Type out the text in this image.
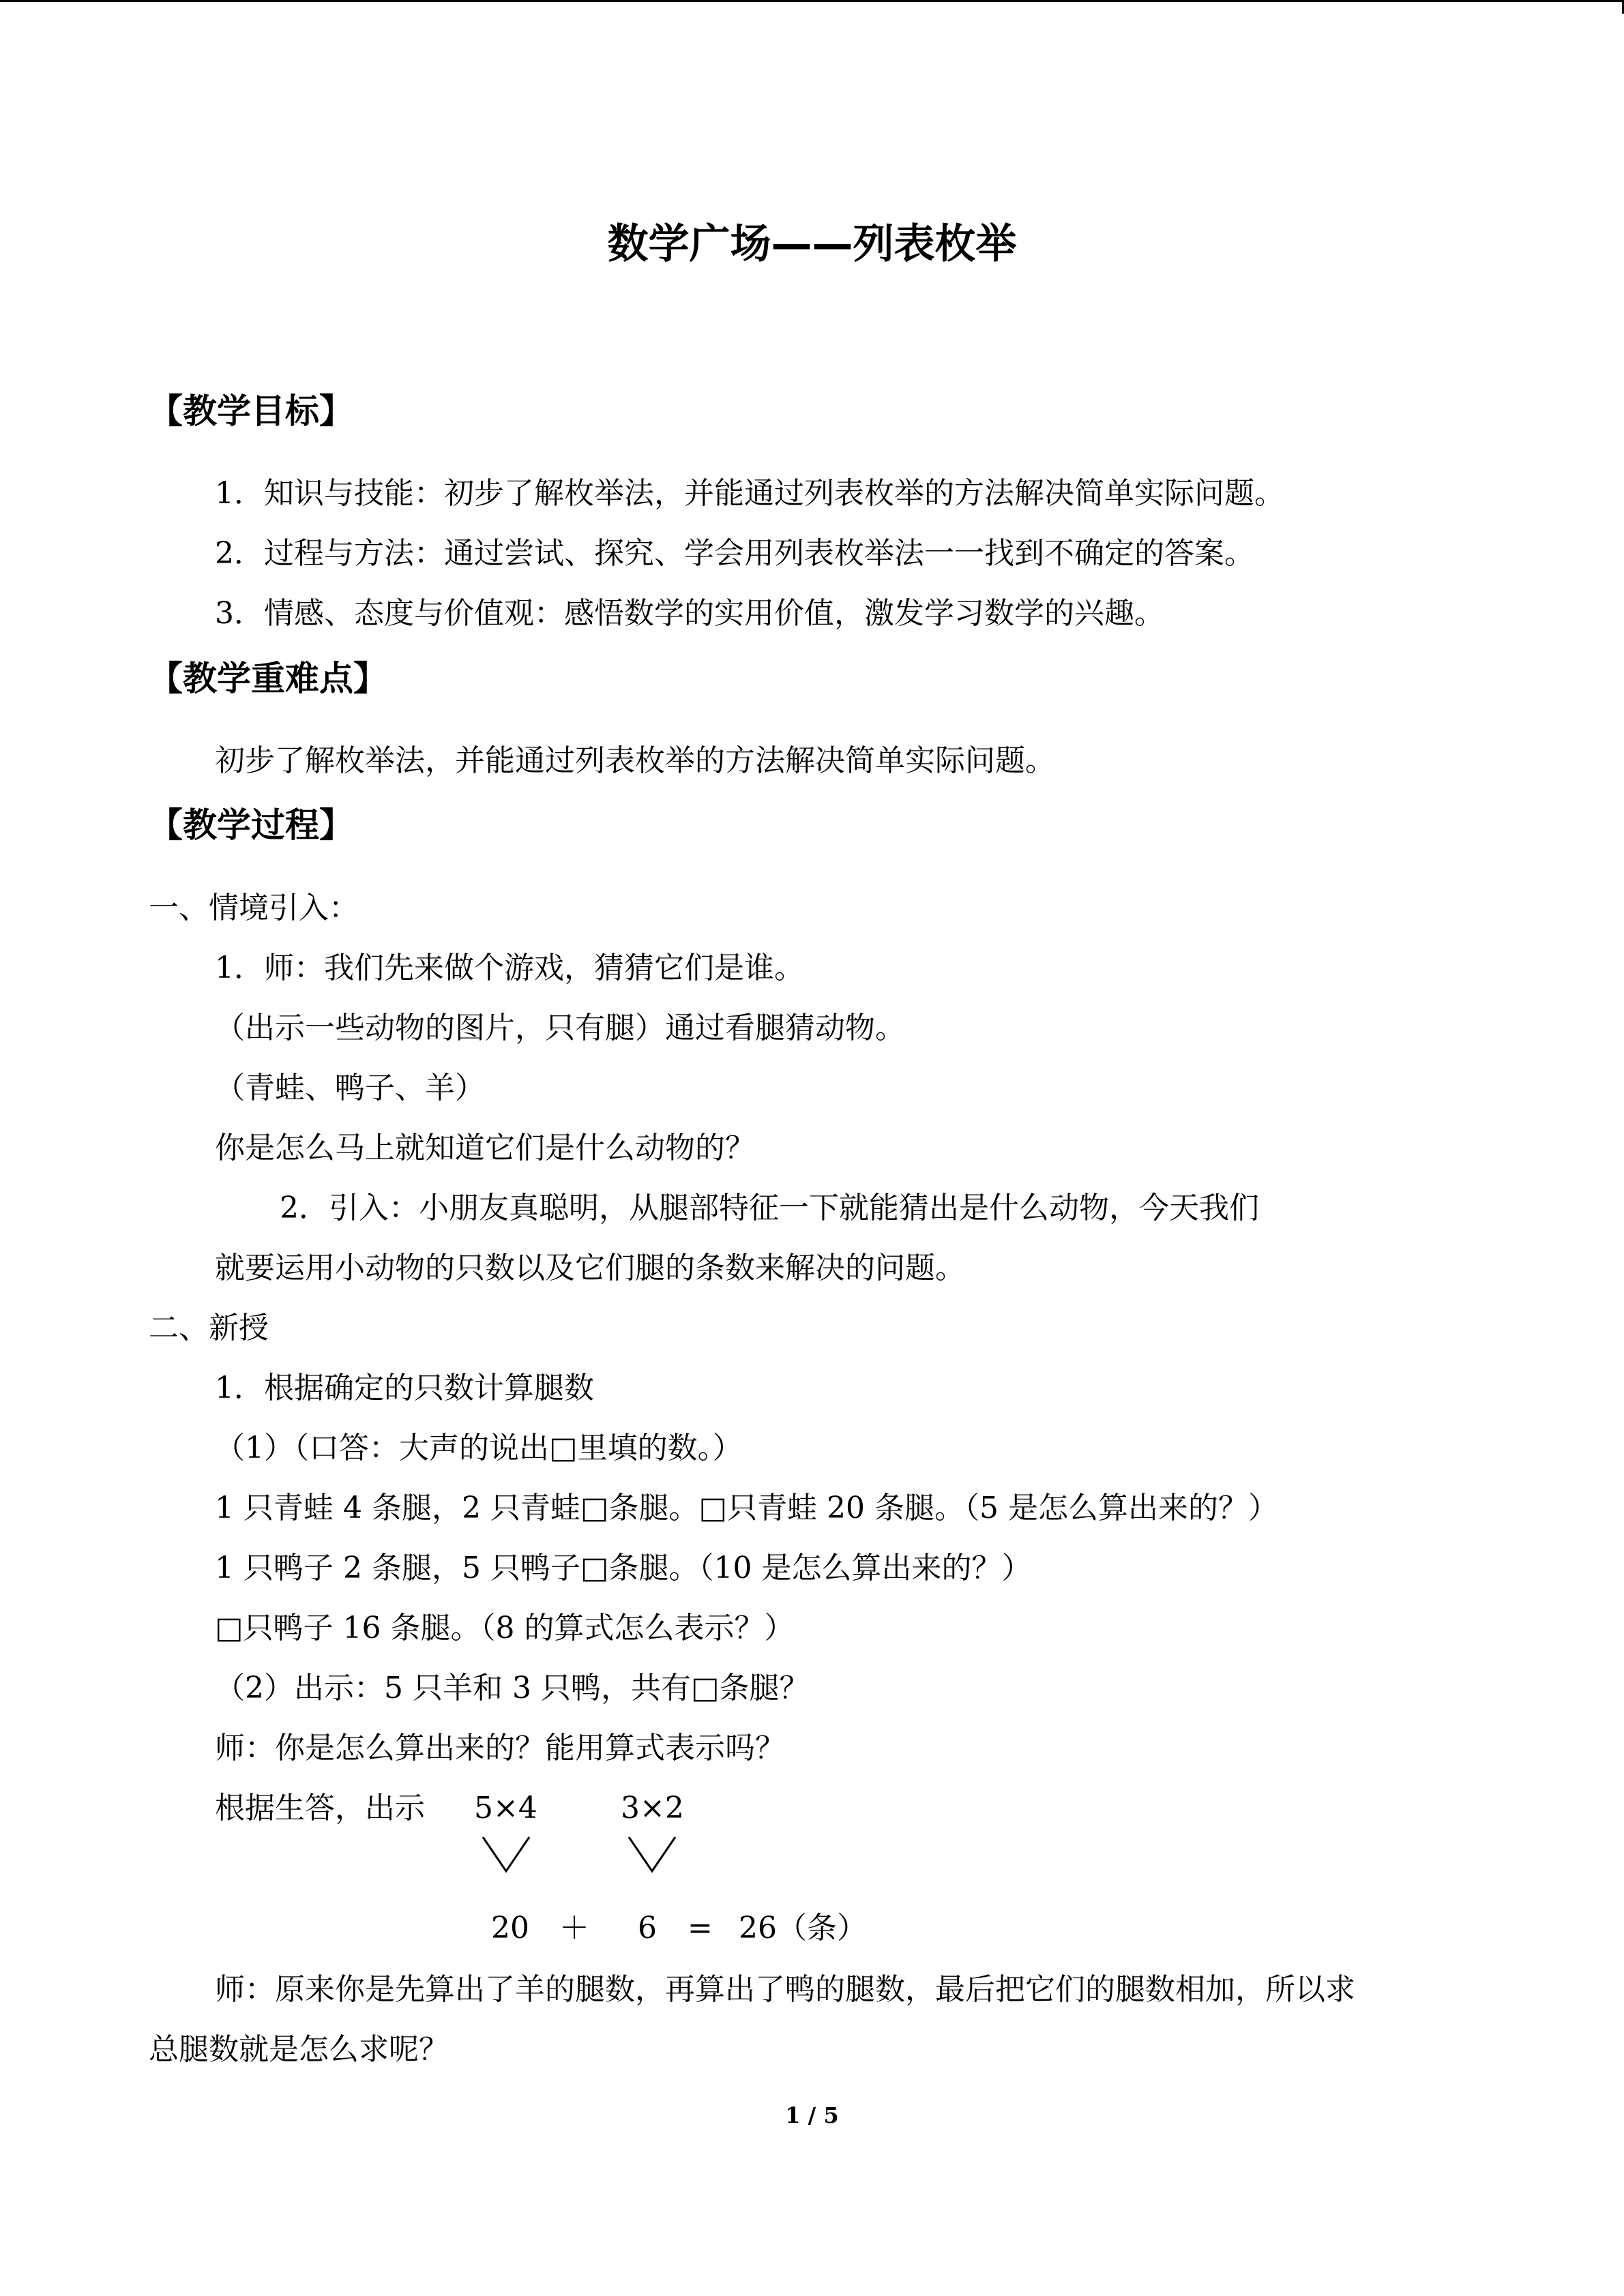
数学广场——列表枚举
【教学目标】
1．知识与技能：初步了解枚举法，并能通过列表枚举的方法解决简单实际问题。
2．过程与方法：通过尝试、探究、学会用列表枚举法一一找到不确定的答案。
3．情感、态度与价值观：感悟数学的实用价值，激发学习数学的兴趣。
【教学重难点】
初步了解枚举法，并能通过列表枚举的方法解决简单实际问题。
【教学过程】
一、情境引入：
1．师：我们先来做个游戏，猜猜它们是谁。
（出示一些动物的图片，只有腿）通过看腿猜动物。
（青蛙、鸭子、羊）
你是怎么马上就知道它们是什么动物的？
2．引入：小朋友真聪明，从腿部特征一下就能猜出是什么动物，今天我们
就要运用小动物的只数以及它们腿的条数来解决的问题。
二、新授
1．根据确定的只数计算腿数
（1）（口答：大声的说出□里填的数。）
1 只青蛙 4 条腿，2 只青蛙□条腿。□只青蛙 20 条腿。（5 是怎么算出来的？）
1 只鸭子 2 条腿，5 只鸭子□条腿。（10 是怎么算出来的？）
□只鸭子 16 条腿。（8 的算式怎么表示？）
（2）出示：5 只羊和 3 只鸭，共有□条腿？
师：你是怎么算出来的？能用算式表示吗？
根据生答，出示 5×4	3×2
20 ＋ 6 = 26（条）
师：原来你是先算出了羊的腿数，再算出了鸭的腿数，最后把它们的腿数相加，所以求
总腿数就是怎么求呢？
1 / 5
